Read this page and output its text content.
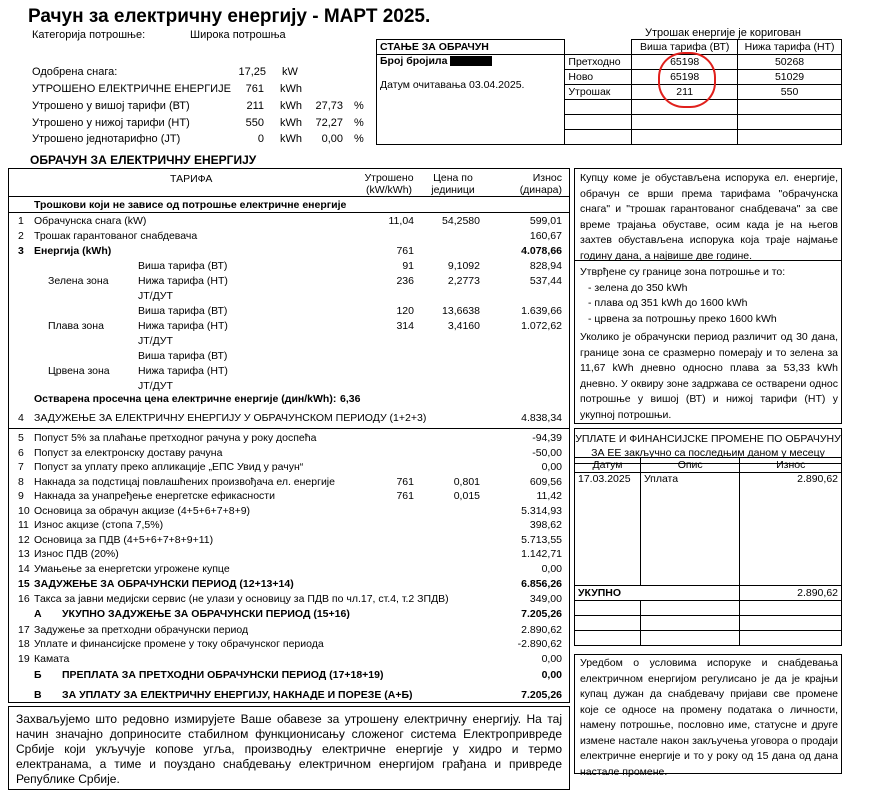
Рачун за електричну енергију - МАРТ 2025.
Категорија потрошње:	Широка потрошња
Одобрена снага:	17,25 kW
УТРОШЕНО ЕЛЕКТРИЧНЕ ЕНЕРГИЈЕ	761 kWh
Утрошено у вишој тарифи (ВТ)	211 kWh	27,73 %
Утрошено у нижој тарифи (НТ)	550 kWh	72,27 %
Утрошено једнотарифно (ЈТ)	0 kWh	0,00 %
Утрошак енергије је коригован
СТАЊЕ ЗА ОБРАЧУН		Виша тарифа (ВТ)	Нижа тарифа (НТ)

Број бројила
Датум очитавања 03.04.2025.	Претходно	65198	50268
	Ново	65198	51029
	Утрошак	211	550

ОБРАЧУН ЗА ЕЛЕКТРИЧНУ ЕНЕРГИЈУ
ТАРИФА	Утрошено
(kW/kWh)
Цена по
јединици
Износ
(динара)
Трошкови који не зависе од потрошње електричне енергије
1 Обрачунска снага (kW)	11,04	54,2580	599,01
2 Трошак гарантованог снабдевача	160,67
3 Енергија (kWh)	761	4.078,66
Виша тарифа (ВТ)	91	9,1092	828,94
Зелена зона	Нижа тарифа (НТ)	236	2,2773	537,44
ЈТ/ДУТ
Виша тарифа (ВТ)	120	13,6638	1.639,66
Плава зона	Нижа тарифа (НТ)	314	3,4160	1.072,62
ЈТ/ДУТ
Виша тарифа (ВТ)
Црвена зона	Нижа тарифа (НТ)
ЈТ/ДУТ
Остварена просечна цена електричне енергије (дин/kWh): 6,36
4 ЗАДУЖЕЊЕ ЗА ЕЛЕКТРИЧНУ ЕНЕРГИЈУ У ОБРАЧУНСКОМ ПЕРИОДУ (1+2+3)	4.838,34
5 Попуст 5% за плаћање претходног рачуна у року доспећа	-94,39
6 Попуст за електронску доставу рачуна	-50,00
7 Попуст за уплату преко апликације „ЕПС Увид у рачун“	0,00
8 Накнада за подстицај повлашћених произвођача ел. енергије	761	0,801	609,56
9 Накнада за унапређење енергетске ефикасности	761	0,015	11,42
10 Основица за обрачун акцизе (4+5+6+7+8+9)	5.314,93
11 Износ акцизе (стопа 7,5%)	398,62
12 Основица за ПДВ (4+5+6+7+8+9+11)	5.713,55
13 Износ ПДВ (20%)	1.142,71
14 Умањење за енергетски угрожене купце	0,00
15 ЗАДУЖЕЊЕ ЗА ОБРАЧУНСКИ ПЕРИОД (12+13+14)	6.856,26
16 Такса за јавни медијски сервис (не улази у основицу за ПДВ по чл.17, ст.4, т.2 ЗПДВ)	349,00
А УКУПНО ЗАДУЖЕЊЕ ЗА ОБРАЧУНСКИ ПЕРИОД (15+16)	7.205,26
17 Задужење за претходни обрачунски период	2.890,62
18 Уплате и финансијске промене у току обрачунског периода	-2.890,62
19 Камата	0,00
Б ПРЕПЛАТА ЗА ПРЕТХОДНИ ОБРАЧУНСКИ ПЕРИОД (17+18+19)	0,00
В ЗА УПЛАТУ ЗА ЕЛЕКТРИЧНУ ЕНЕРГИЈУ, НАКНАДЕ И ПОРЕЗЕ (А+Б)	7.205,26
Купцу коме је обустављена испорука ел. енергије, обрачун се врши према тарифама "обрачунска снага" и "трошак гарантованог снабдевача" за све време трајања обуставе, осим када је на његов захтев обустављена испорука која траје најмање годину дана, а највише две године.
Утврђене су границе зона потрошње и то:
- зелена до 350 kWh
- плава од 351 kWh до 1600 kWh
- црвена за потрошњу преко 1600 kWh
Уколико је обрачунски период различит од 30 дана, границе зона се сразмерно померају и то зелена за 11,67 kWh дневно односно плава за 53,33 kWh дневно. У оквиру зоне задржава се остварени однос потрошње у вишој (ВТ) и нижој тарифи (НТ) у укупној потрошњи.
УПЛАТЕ И ФИНАНСИЈСКЕ ПРОМЕНЕ ПО ОБРАЧУНУ
ЗА ЕЕ закључно са последњим даном у месецу
Датум	Опис	Износ
17.03.2025	Уплата	2.890,62
УКУПНО		2.890,62

Уредбом о условима испоруке и снабдевања електричном енергијом регулисано је да је крајњи купац дужан да снабдевачу пријави све промене које се односе на промену података о личности, намену потрошње, пословно име, статусне и друге измене настале након закључења уговора о продаји електричне енергије и то у року од 15 дана од дана настале промене.
Захваљујемо што редовно измирујете Ваше обавезе за утрошену електричну енергију. На тај начин значајно доприносите стабилном функционисању сложеног система Електропривреде Србије који укључује копове угља, производњу електричне енергије у хидро и термо електранама, а тиме и поуздано снабдевању електричном енергијом грађана и привреде Републике Србије.
